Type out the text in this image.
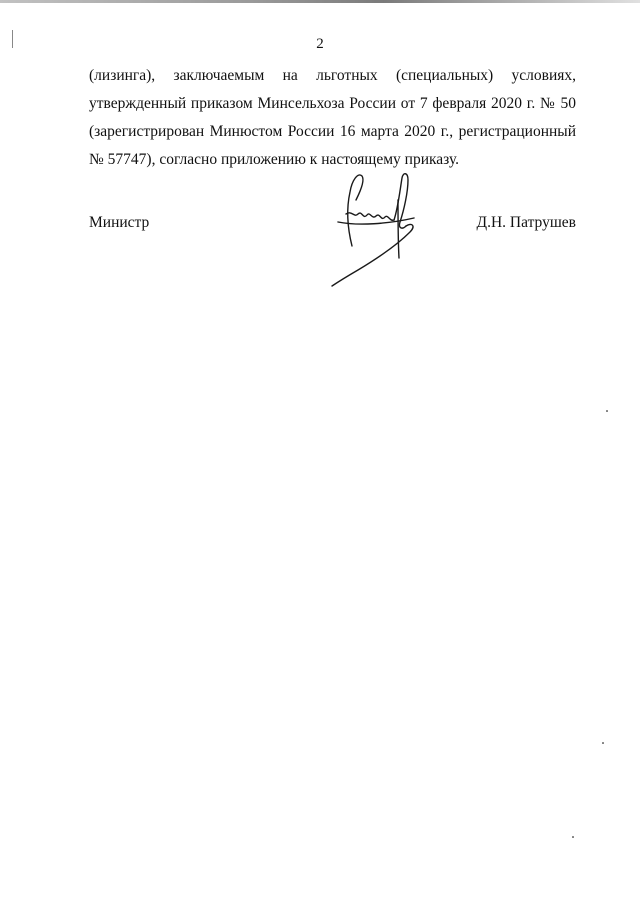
2
(лизинга), заключаемым на льготных (специальных) условиях,
утвержденный приказом Минсельхоза России от 7 февраля 2020 г. № 50
(зарегистрирован Минюстом России 16 марта 2020 г., регистрационный
№ 57747), согласно приложению к настоящему приказу.
Министр	Д.Н. Патрушев
